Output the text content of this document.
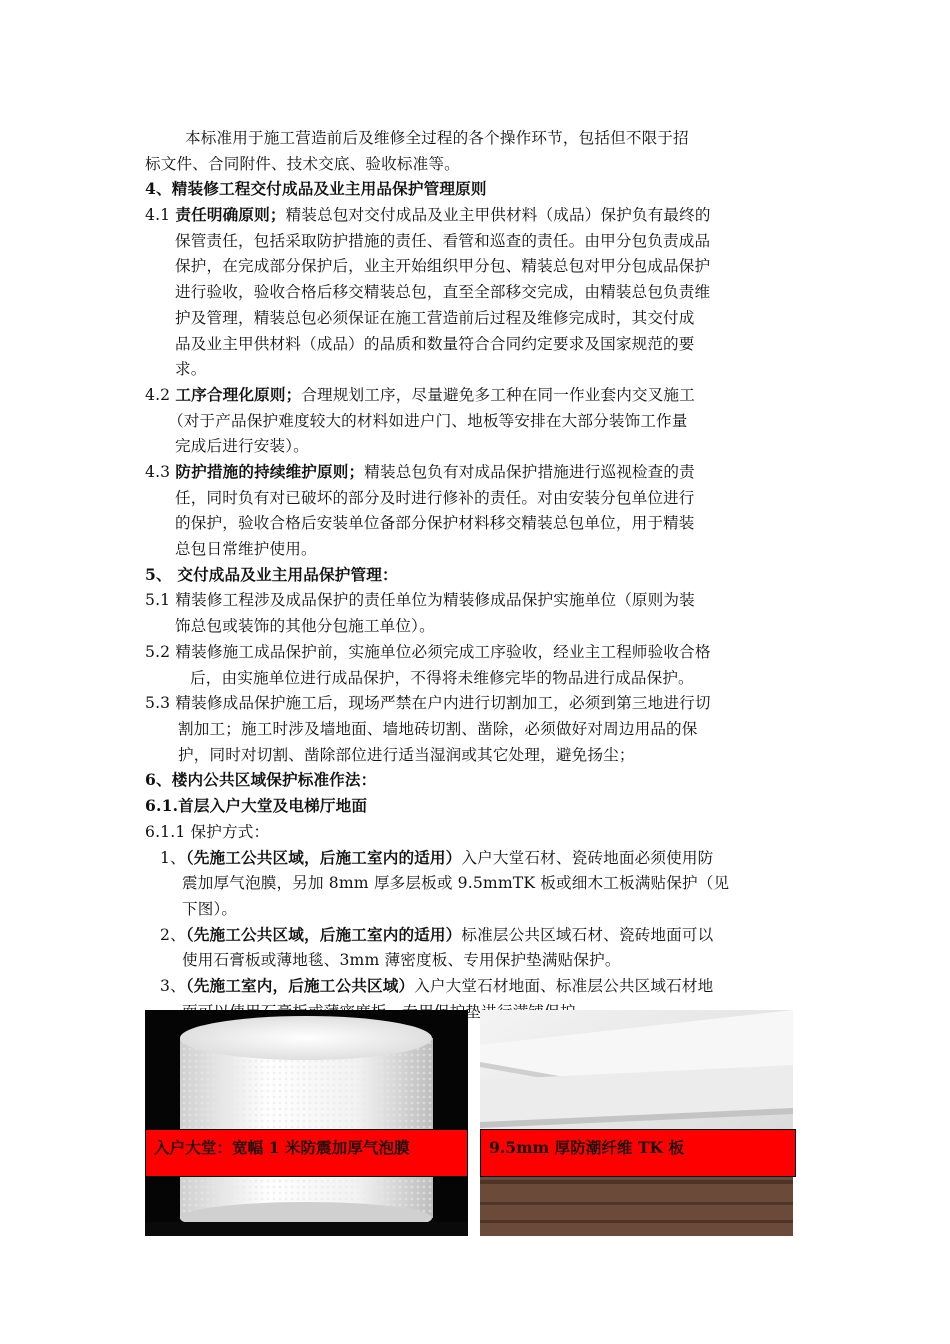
本标准用于施工营造前后及维修全过程的各个操作环节，包括但不限于招
标文件、合同附件、技术交底、验收标准等。
4、精装修工程交付成品及业主用品保护管理原则
4.1 责任明确原则；精装总包对交付成品及业主甲供材料（成品）保护负有最终的
保管责任，包括采取防护措施的责任、看管和巡查的责任。由甲分包负责成品
保护，在完成部分保护后，业主开始组织甲分包、精装总包对甲分包成品保护
进行验收，验收合格后移交精装总包，直至全部移交完成，由精装总包负责维
护及管理，精装总包必须保证在施工营造前后过程及维修完成时，其交付成
品及业主甲供材料（成品）的品质和数量符合合同约定要求及国家规范的要
求。
4.2 工序合理化原则；合理规划工序，尽量避免多工种在同一作业套内交叉施工
（对于产品保护难度较大的材料如进户门、地板等安排在大部分装饰工作量
完成后进行安装）。
4.3 防护措施的持续维护原则；精装总包负有对成品保护措施进行巡视检查的责
任，同时负有对已破坏的部分及时进行修补的责任。对由安装分包单位进行
的保护，验收合格后安装单位备部分保护材料移交精装总包单位，用于精装
总包日常维护使用。
5、 交付成品及业主用品保护管理：
5.1 精装修工程涉及成品保护的责任单位为精装修成品保护实施单位（原则为装
饰总包或装饰的其他分包施工单位）。
5.2 精装修施工成品保护前，实施单位必须完成工序验收，经业主工程师验收合格
后，由实施单位进行成品保护，不得将未维修完毕的物品进行成品保护。
5.3 精装修成品保护施工后，现场严禁在户内进行切割加工，必须到第三地进行切
割加工；施工时涉及墙地面、墙地砖切割、凿除，必须做好对周边用品的保
护，同时对切割、凿除部位进行适当湿润或其它处理，避免扬尘；
6、楼内公共区域保护标准作法：
6.1.首层入户大堂及电梯厅地面
6.1.1 保护方式：
1、（先施工公共区域，后施工室内的适用）入户大堂石材、瓷砖地面必须使用防
震加厚气泡膜，另加 8mm 厚多层板或 9.5mmTK 板或细木工板满贴保护（见
下图）。
2、（先施工公共区域，后施工室内的适用）标准层公共区域石材、瓷砖地面可以
使用石膏板或薄地毯、3mm 薄密度板、专用保护垫满贴保护。
3、（先施工室内，后施工公共区域）入户大堂石材地面、标准层公共区域石材地
入户大堂：宽幅 1 米防震加厚气泡膜	9.5mm 厚防潮纤维 TK 板
